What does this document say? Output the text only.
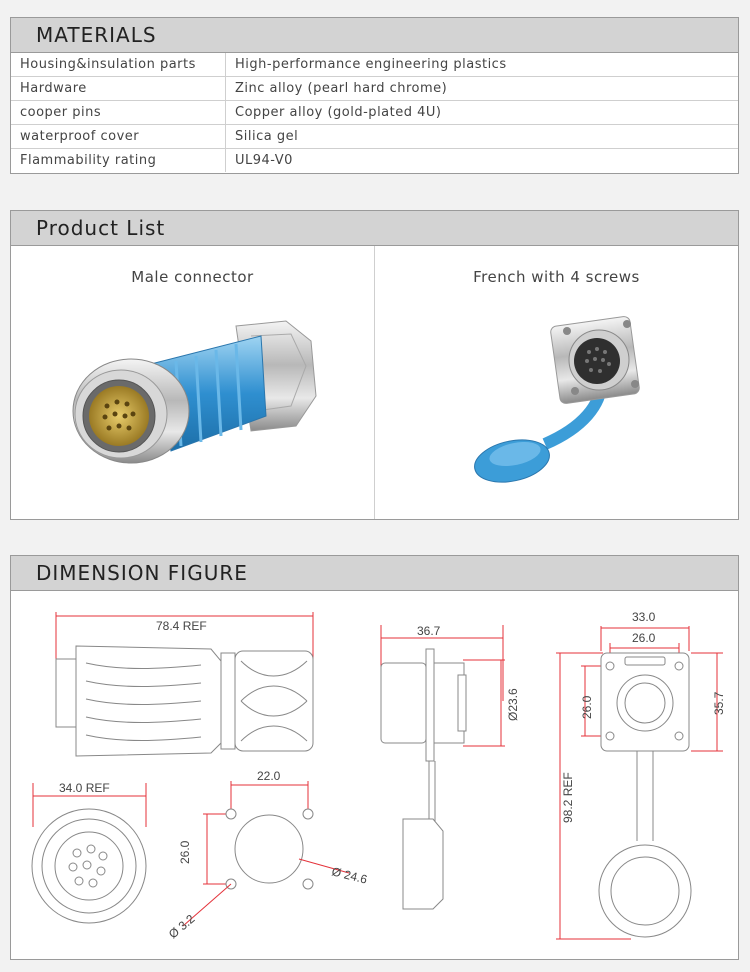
MATERIALS
Housing&insulation parts	High-performance engineering plastics
Hardware	Zinc alloy (pearl hard chrome)
cooper pins	Copper alloy (gold-plated 4U)
waterproof cover	Silica gel
Flammability rating	UL94-V0
Product List
Male connector	French with 4 screws
DIMENSION FIGURE
78.4 REF
34.0 REF
22.0
26.0
Ø 24.6
Ø 3.2
36.7
Ø23.6
33.0
26.0
26.0	35.7
98.2 REF
